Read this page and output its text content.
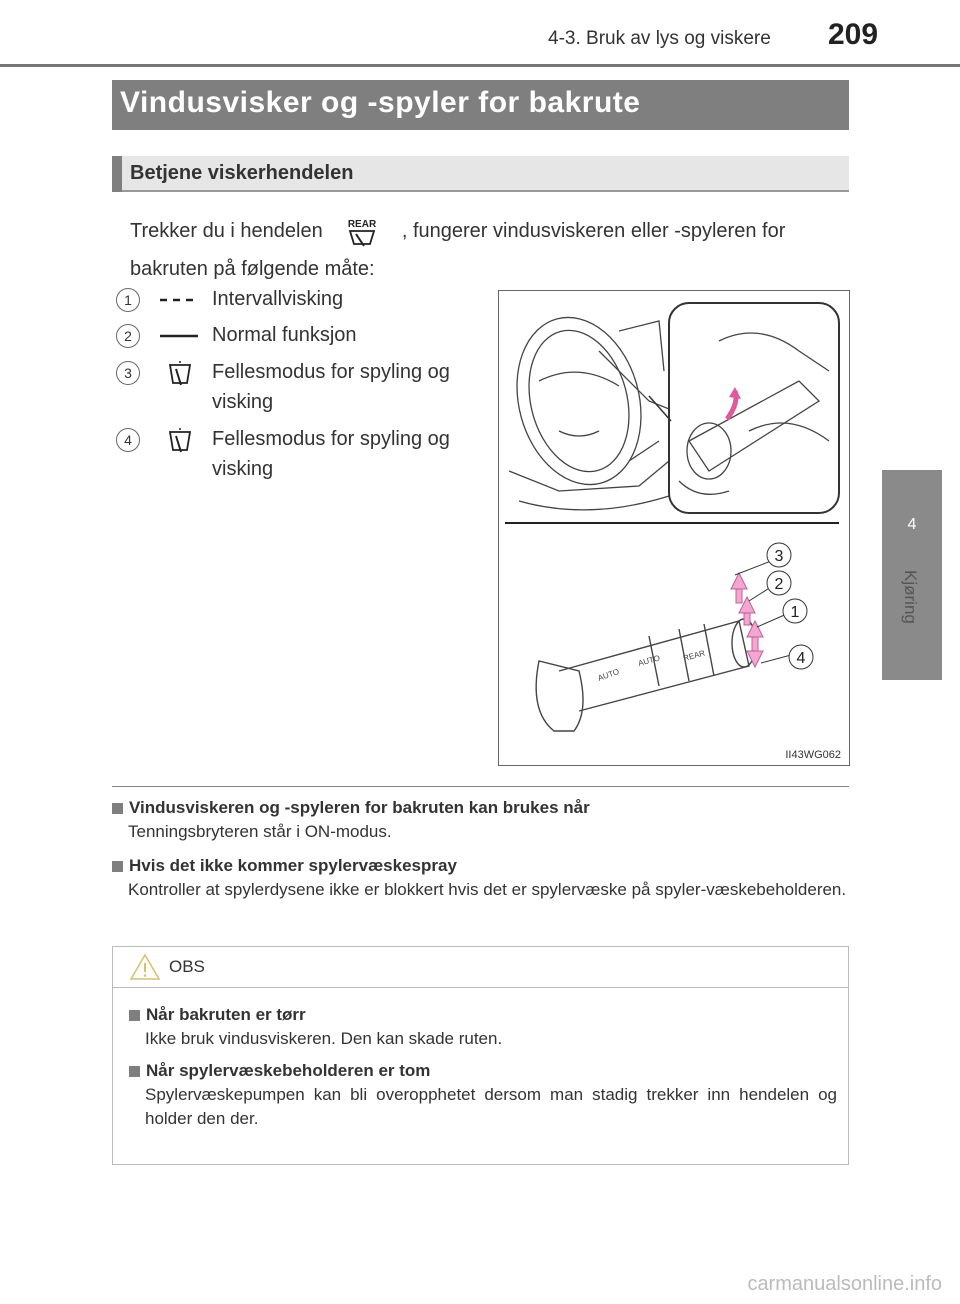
4-3. Bruk av lys og viskere 209
4
Kjøring
Vindusvisker og -spyler for bakrute
Betjene viskerhendelen
Trekker du i hendelen	REAR , fungerer vindusviskeren eller -spyleren for bakruten på følgende måte:
1	Intervallvisking
2	Normal funksjon
3	Fellesmodus for spyling og visking
4	Fellesmodus for spyling og visking
AUTO
AUTO	REAR
3
2
1
4
II43WG062
Vindusviskeren og -spyleren for bakruten kan brukes når
Tenningsbryteren står i ON-modus.
Hvis det ikke kommer spylervæskespray
Kontroller at spylerdysene ikke er blokkert hvis det er spylervæske på spyler-væskebeholderen.
OBS
Når bakruten er tørr
Ikke bruk vindusviskeren. Den kan skade ruten.
Når spylervæskebeholderen er tom
Spylervæskepumpen kan bli overopphetet dersom man stadig trekker inn hendelen og holder den der.
carmanualsonline.info
